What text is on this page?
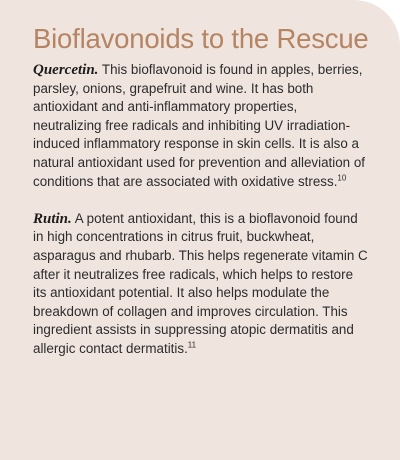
Bioflavonoids to the Rescue

Quercetin. This bioflavonoid is found in apples, berries, parsley, onions, grapefruit and wine. It has both antioxidant and anti-inflammatory properties, neutralizing free radicals and inhibiting UV irradiation-induced inflammatory response in skin cells. It is also a natural antioxidant used for prevention and alleviation of conditions that are associated with oxidative stress.$^{10}$

Rutin. A potent antioxidant, this is a bioflavonoid found in high concentrations in citrus fruit, buckwheat, asparagus and rhubarb. This helps regenerate vitamin C after it neutralizes free radicals, which helps to restore its antioxidant potential. It also helps modulate the breakdown of collagen and improves circulation. This ingredient assists in suppressing atopic dermatitis and allergic contact dermatitis.$^{11}$
